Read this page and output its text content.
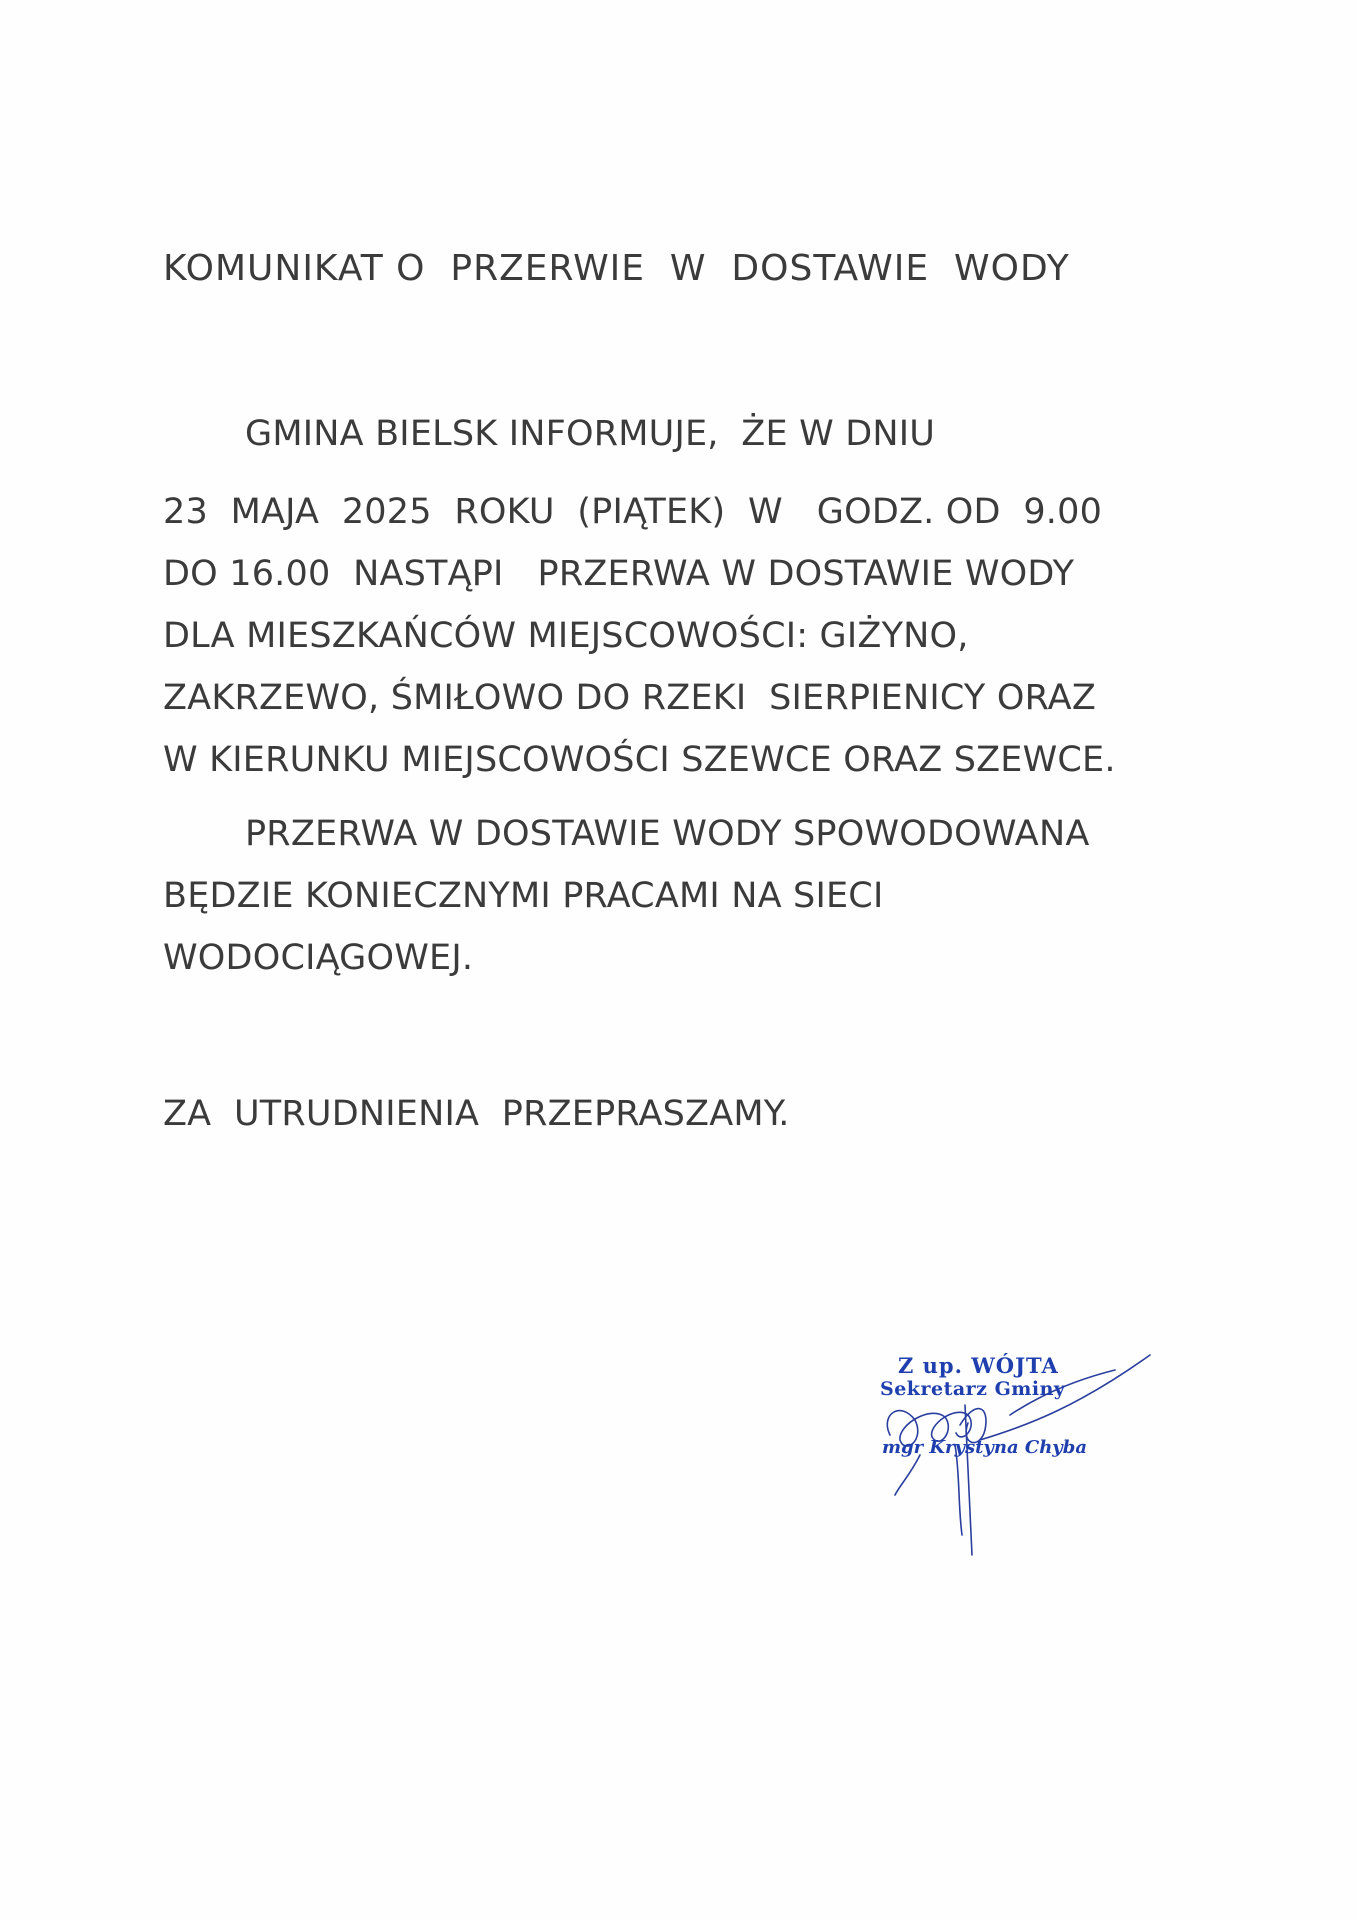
KOMUNIKAT O  PRZERWIE  W  DOSTAWIE  WODY
GMINA BIELSK INFORMUJE,  ŻE W DNIU
23  MAJA  2025  ROKU  (PIĄTEK)  W   GODZ. OD  9.00
DO 16.00  NASTĄPI   PRZERWA W DOSTAWIE WODY
DLA MIESZKAŃCÓW MIEJSCOWOŚCI: GIŻYNO,
ZAKRZEWO, ŚMIŁOWO DO RZEKI  SIERPIENICY ORAZ
W KIERUNKU MIEJSCOWOŚCI SZEWCE ORAZ SZEWCE.
PRZERWA W DOSTAWIE WODY SPOWODOWANA
BĘDZIE KONIECZNYMI PRACAMI NA SIECI
WODOCIĄGOWEJ.
ZA  UTRUDNIENIA  PRZEPRASZAMY.
Z up. WÓJTA
Sekretarz Gminy
mgr Krystyna Chyba
